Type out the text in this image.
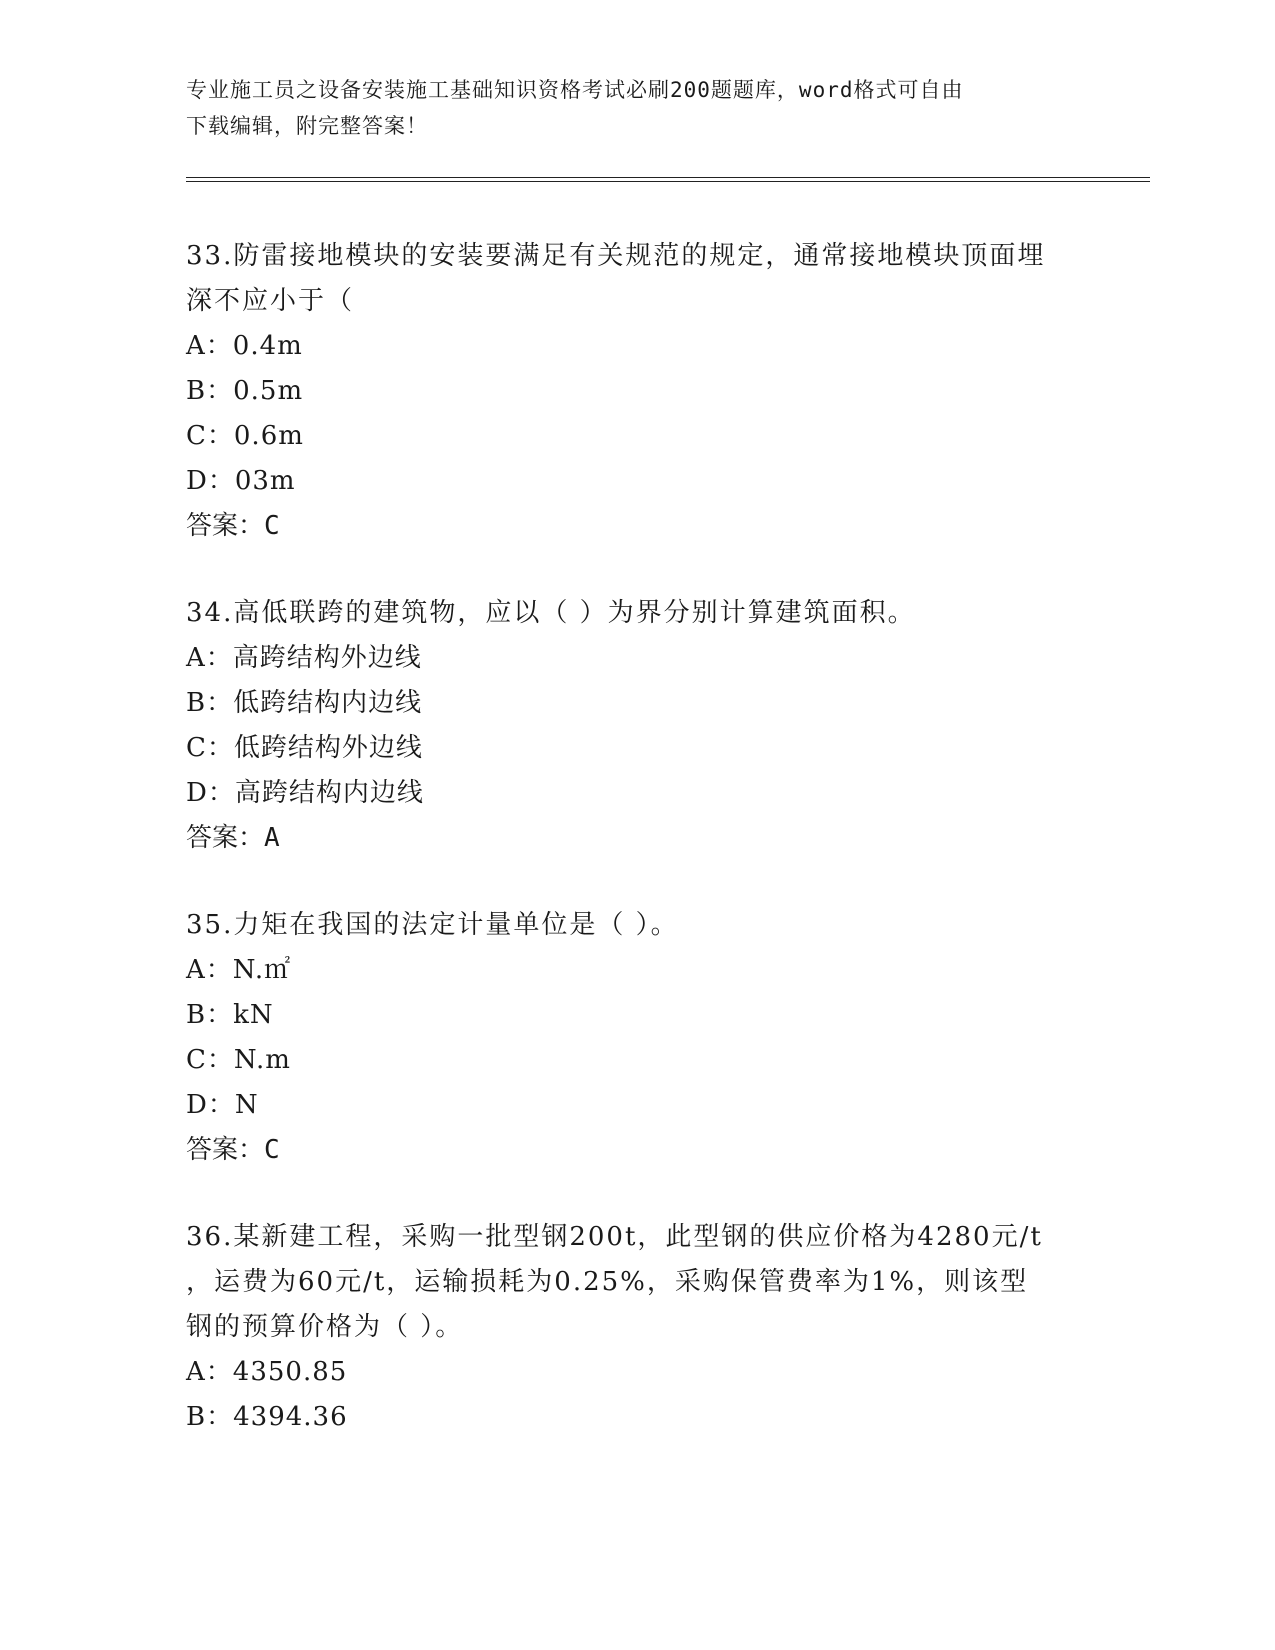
专业施工员之设备安装施工基础知识资格考试必刷200题题库，word格式可自由
下载编辑，附完整答案！

33.防雷接地模块的安装要满足有关规范的规定，通常接地模块顶面埋

深不应小于（

A：0.4m

B：0.5m

C：0.6m

D：03m

答案：C

34.高低联跨的建筑物，应以（ ）为界分别计算建筑面积。

A：高跨结构外边线

B：低跨结构内边线

C：低跨结构外边线

D：高跨结构内边线

答案：A

35.力矩在我国的法定计量单位是（ ）。

A：N.㎡

B：kN

C：N.m

D：N

答案：C

36.某新建工程，采购一批型钢200t，此型钢的供应价格为4280元/t

，运费为60元/t，运输损耗为0.25%，采购保管费率为1%，则该型

钢的预算价格为（ ）。

A：4350.85

B：4394.36
